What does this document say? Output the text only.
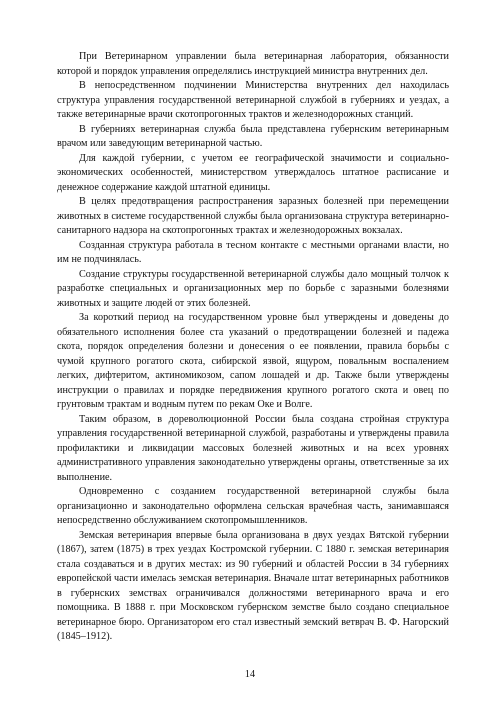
При Ветеринарном управлении была ветеринарная лаборатория, обязанности которой и порядок управления определялись инструкцией министра внутренних дел.

В непосредственном подчинении Министерства внутренних дел находилась структура управления государственной ветеринарной службой в губерниях и уездах, а также ветеринарные врачи скотопрогонных трактов и железнодорожных станций.

В губерниях ветеринарная служба была представлена губернским ветеринарным врачом или заведующим ветеринарной частью.

Для каждой губернии, с учетом ее географической значимости и социально-экономических особенностей, министерством утверждалось штатное расписание и денежное содержание каждой штатной единицы.

В целях предотвращения распространения заразных болезней при перемещении животных в системе государственной службы была организована структура ветеринарно-санитарного надзора на скотопрогонных трактах и железнодорожных вокзалах.

Созданная структура работала в тесном контакте с местными органами власти, но им не подчинялась.

Создание структуры государственной ветеринарной службы дало мощный толчок к разработке специальных и организационных мер по борьбе с заразными болезнями животных и защите людей от этих болезней.

За короткий период на государственном уровне был утверждены и доведены до обязательного исполнения более ста указаний о предотвращении болезней и падежа скота, порядок определения болезни и донесения о ее появлении, правила борьбы с чумой крупного рогатого скота, сибирской язвой, ящуром, повальным воспалением легких, дифтеритом, актиномикозом, сапом лошадей и др. Также были утверждены инструкции о правилах и порядке передвижения крупного рогатого скота и овец по грунтовым трактам и водным путем по рекам Оке и Волге.

Таким образом, в дореволюционной России была создана стройная структура управления государственной ветеринарной службой, разработаны и утверждены правила профилактики и ликвидации массовых болезней животных и на всех уровнях административного управления законодательно утверждены органы, ответственные за их выполнение.

Одновременно с созданием государственной ветеринарной службы была организационно и законодательно оформлена сельская врачебная часть, занимавшаяся непосредственно обслуживанием скотопромышленников.

Земская ветеринария впервые была организована в двух уездах Вятской губернии (1867), затем (1875) в трех уездах Костромской губернии. С 1880 г. земская ветеринария стала создаваться и в других местах: из 90 губерний и областей России в 34 губерниях европейской части имелась земская ветеринария. Вначале штат ветеринарных работников в губернских земствах ограничивался должностями ветеринарного врача и его помощника. В 1888 г. при Московском губернском земстве было создано специальное ветеринарное бюро. Организатором его стал известный земский ветврач В. Ф. Нагорский (1845–1912).

14
